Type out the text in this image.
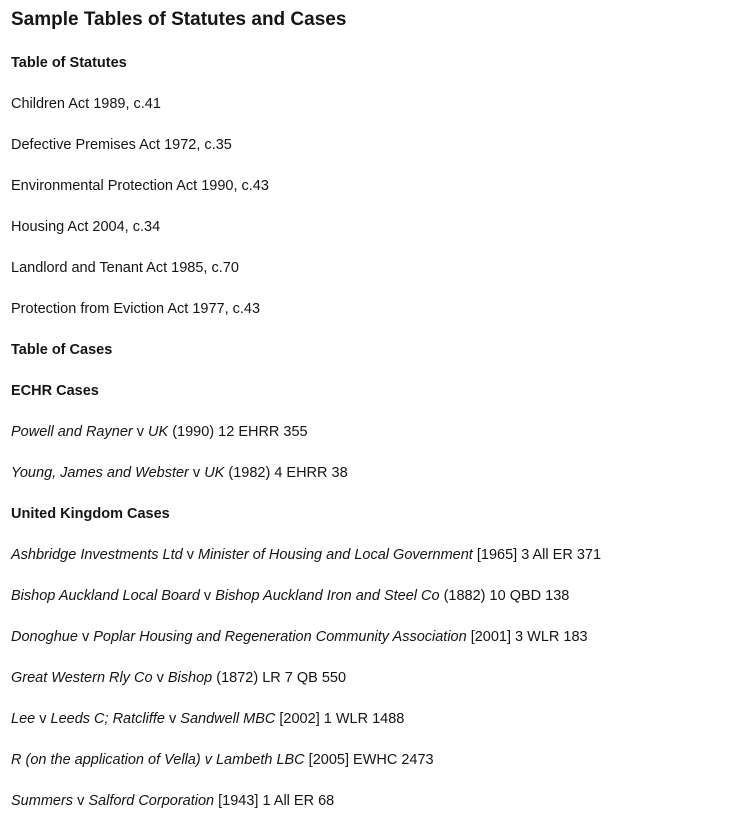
Sample Tables of Statutes and Cases
Table of Statutes

Children Act 1989, c.41

Defective Premises Act 1972, c.35

Environmental Protection Act 1990, c.43

Housing Act 2004, c.34

Landlord and Tenant Act 1985, c.70

Protection from Eviction Act 1977, c.43

Table of Cases
ECHR Cases

Powell and Rayner v UK (1990) 12 EHRR 355

Young, James and Webster v UK (1982) 4 EHRR 38

United Kingdom Cases

Ashbridge Investments Ltd v Minister of Housing and Local Government [1965] 3 All ER 371

Bishop Auckland Local Board v Bishop Auckland Iron and Steel Co (1882) 10 QBD 138

Donoghue v Poplar Housing and Regeneration Community Association [2001] 3 WLR 183

Great Western Rly Co v Bishop (1872) LR 7 QB 550

Lee v Leeds C; Ratcliffe v Sandwell MBC [2002] 1 WLR 1488

R (on the application of Vella) v Lambeth LBC [2005] EWHC 2473

Summers v Salford Corporation [1943] 1 All ER 68
